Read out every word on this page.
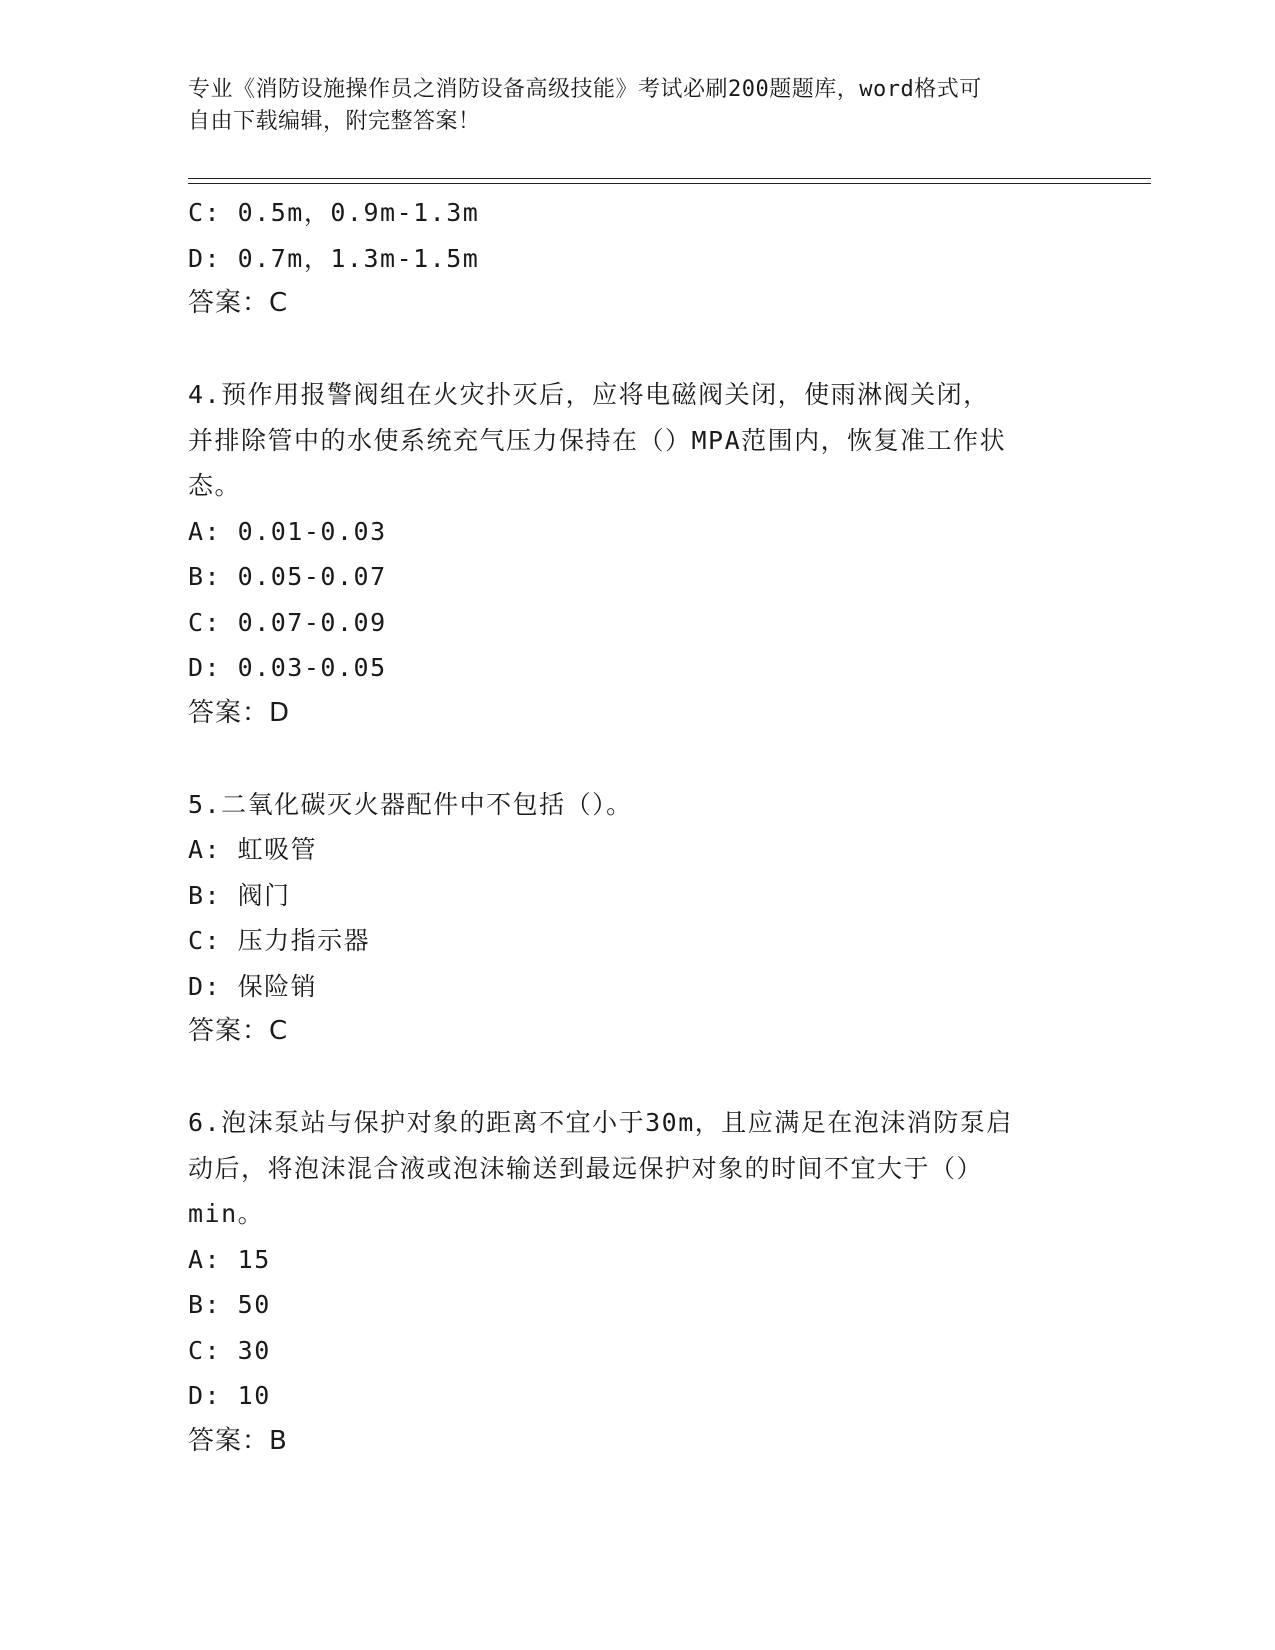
专业《消防设施操作员之消防设备高级技能》考试必刷200题题库，word格式可
自由下载编辑，附完整答案！
C: 0.5m，0.9m-1.3m
D: 0.7m，1.3m-1.5m
答案：C
4.预作用报警阀组在火灾扑灭后，应将电磁阀关闭，使雨淋阀关闭，
并排除管中的水使系统充气压力保持在（）MPA范围内，恢复准工作状
态。
A: 0.01-0.03
B: 0.05-0.07
C: 0.07-0.09
D: 0.03-0.05
答案：D
5.二氧化碳灭火器配件中不包括（）。
A: 虹吸管
B: 阀门
C: 压力指示器
D: 保险销
答案：C
6.泡沫泵站与保护对象的距离不宜小于30m，且应满足在泡沫消防泵启
动后，将泡沫混合液或泡沫输送到最远保护对象的时间不宜大于（）
min。
A: 15
B: 50
C: 30
D: 10
答案：B
